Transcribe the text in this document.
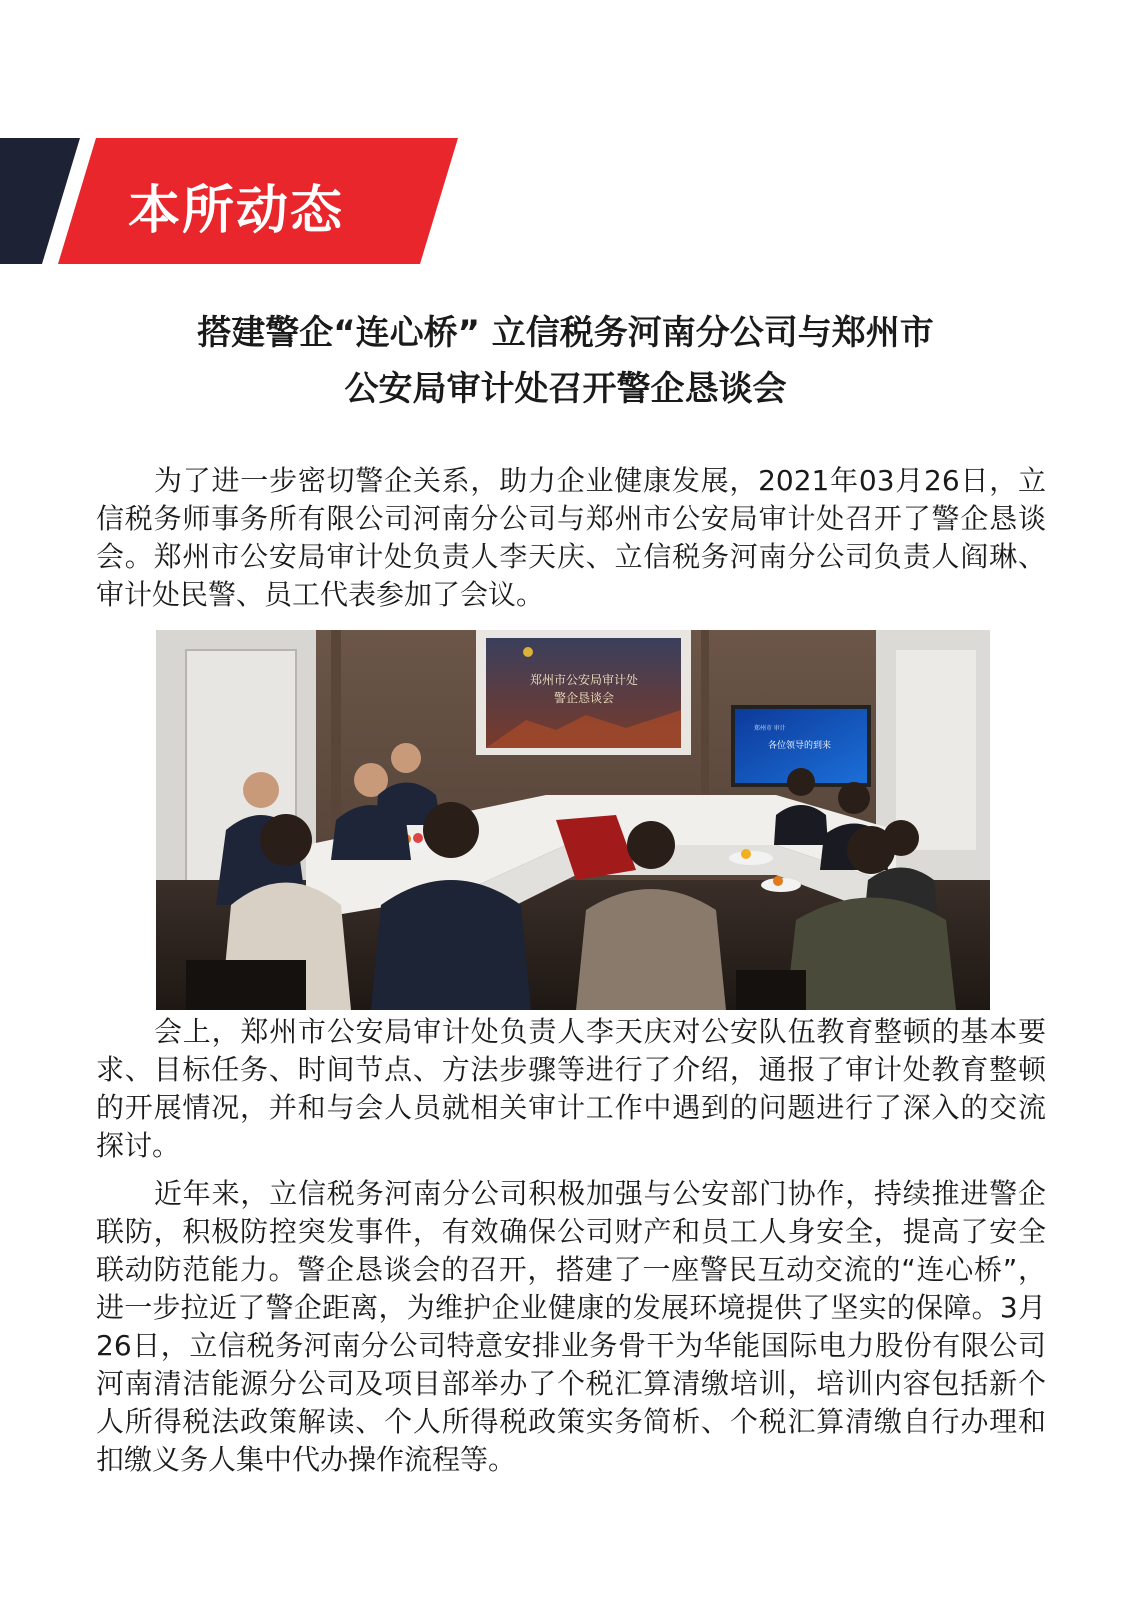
本所动态
搭建警企“连心桥” 立信税务河南分公司与郑州市
公安局审计处召开警企恳谈会

为了进一步密切警企关系，助力企业健康发展，2021年03月26日，立信税务师事务所有限公司河南分公司与郑州市公安局审计处召开了警企恳谈会。郑州市公安局审计处负责人李天庆、立信税务河南分公司负责人阎琳、审计处民警、员工代表参加了会议。

郑州市公安局审计处
警企恳谈会
郑州市 审计
各位领导的到来

会上，郑州市公安局审计处负责人李天庆对公安队伍教育整顿的基本要求、目标任务、时间节点、方法步骤等进行了介绍，通报了审计处教育整顿的开展情况，并和与会人员就相关审计工作中遇到的问题进行了深入的交流探讨。

近年来，立信税务河南分公司积极加强与公安部门协作，持续推进警企联防，积极防控突发事件，有效确保公司财产和员工人身安全，提高了安全联动防范能力。警企恳谈会的召开，搭建了一座警民互动交流的“连心桥”，进一步拉近了警企距离，为维护企业健康的发展环境提供了坚实的保障。3月26日，立信税务河南分公司特意安排业务骨干为华能国际电力股份有限公司河南清洁能源分公司及项目部举办了个税汇算清缴培训，培训内容包括新个人所得税法政策解读、个人所得税政策实务简析、个税汇算清缴自行办理和扣缴义务人集中代办操作流程等。
